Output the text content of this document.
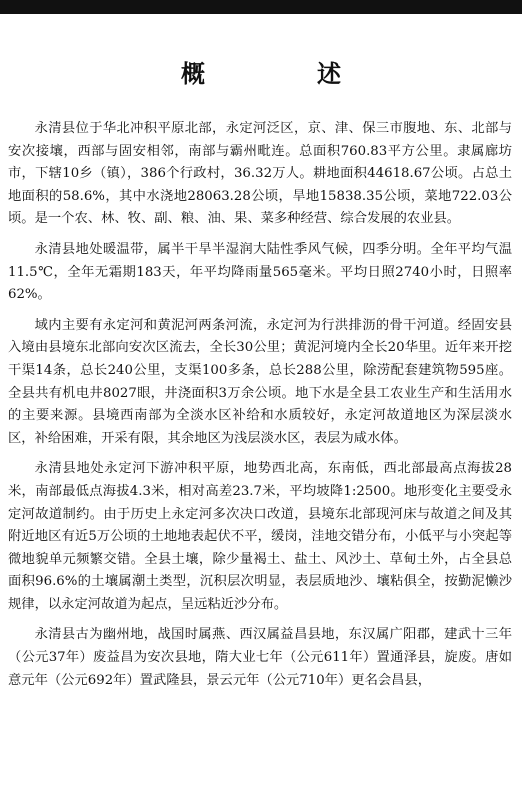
概　述

永清县位于华北冲积平原北部，永定河泛区，京、津、保三市腹地、东、北部与安次接壤，西部与固安相邻，南部与霸州毗连。总面积760.83平方公里。隶属廊坊市，下辖10乡（镇），386个行政村，36.32万人。耕地面积44618.67公顷。占总土地面积的58.6%，其中水浇地28063.28公顷，旱地15838.35公顷，菜地722.03公顷。是一个农、林、牧、副、粮、油、果、菜多种经营、综合发展的农业县。

永清县地处暖温带，属半干旱半湿润大陆性季风气候，四季分明。全年平均气温11.5℃，全年无霜期183天，年平均降雨量565毫米。平均日照2740小时，日照率62%。

域内主要有永定河和黄泥河两条河流，永定河为行洪排沥的骨干河道。经固安县入境由县境东北部向安次区流去，全长30公里；黄泥河境内全长20华里。近年来开挖干渠14条，总长240公里，支渠100多条，总长288公里，除涝配套建筑物595座。全县共有机电井8027眼，井浇面积3万余公顷。地下水是全县工农业生产和生活用水的主要来源。县境西南部为全淡水区补给和水质较好，永定河故道地区为深层淡水区，补给困难，开采有限，其余地区为浅层淡水区，表层为咸水体。

永清县地处永定河下游冲积平原，地势西北高，东南低，西北部最高点海拔28米，南部最低点海拔4.3米，相对高差23.7米，平均坡降1:2500。地形变化主要受永定河故道制约。由于历史上永定河多次决口改道，县境东北部现河床与故道之间及其附近地区有近5万公顷的土地地表起伏不平，缓岗，洼地交错分布，小低平与小突起等微地貌单元频繁交错。全县土壤，除少量褐土、盐土、风沙土、草甸土外，占全县总面积96.6%的土壤属潮土类型，沉积层次明显，表层质地沙、壤粘俱全，按勤泥懒沙规律，以永定河故道为起点，呈远粘近沙分布。

永清县古为幽州地，战国时属燕、西汉属益昌县地，东汉属广阳郡，建武十三年（公元37年）废益昌为安次县地，隋大业七年（公元611年）置通泽县，旋废。唐如意元年（公元692年）置武隆县，景云元年（公元710年）更名会昌县，
